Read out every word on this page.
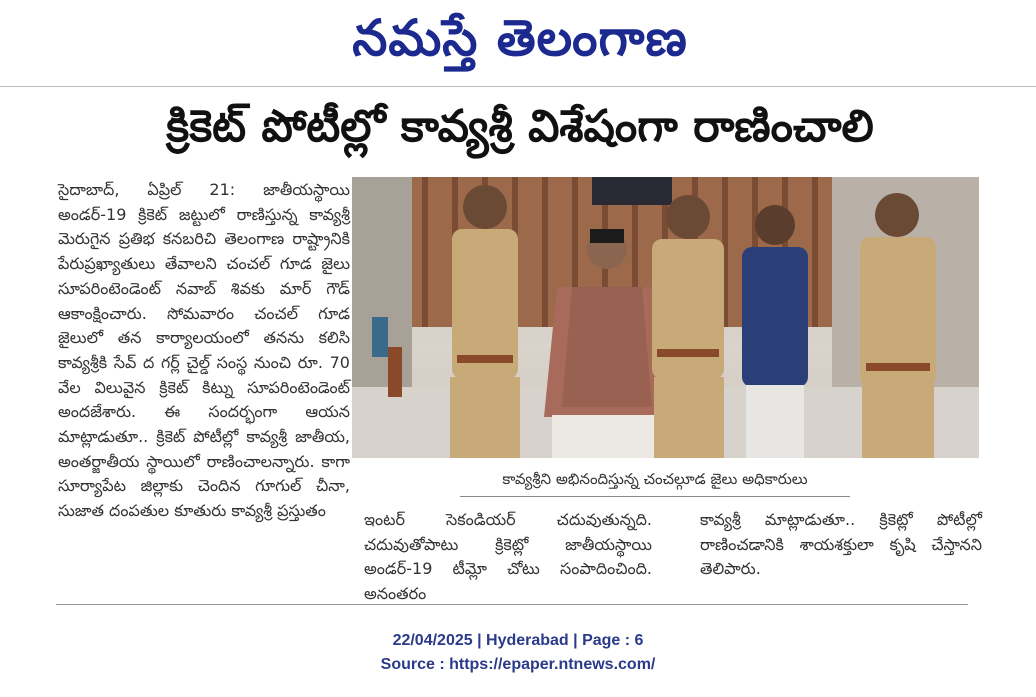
నమస్తే తెలంగాణ
క్రికెట్ పోటీల్లో కావ్యశ్రీ విశేషంగా రాణించాలి

సైదాబాద్, ఏప్రిల్ 21: జాతీయస్థాయి అండర్-19 క్రికెట్ జట్టులో రాణిస్తున్న కావ్యశ్రీ మెరుగైన ప్రతిభ కనబరిచి తెలంగాణ రాష్ట్రానికి పేరుప్రఖ్యాతులు తేవాలని చంచల్ గూడ జైలు సూపరింటెండెంట్ నవాబ్ శివకు మార్ గౌడ్ ఆకాంక్షించారు. సోమవారం చంచల్ గూడ జైలులో తన కార్యాలయంలో తనను కలిసి కావ్యశ్రీకి సేవ్ ద గర్ల్ చైల్డ్ సంస్థ నుంచి రూ. 70 వేల విలువైన క్రికెట్ కిట్ను సూపరింటెండెంట్ అందజేశారు. ఈ సందర్భంగా ఆయన మాట్లాడుతూ.. క్రికెట్ పోటీల్లో కావ్యశ్రీ జాతీయ, అంతర్జాతీయ స్థాయిలో రాణించాలన్నారు. కాగా సూర్యాపేట జిల్లాకు చెందిన గూగుల్ చీనా, సుజాత దంపతుల కూతురు కావ్యశ్రీ ప్రస్తుతం

కావ్యశ్రీని అభినందిస్తున్న చంచల్గూడ జైలు అధికారులు

ఇంటర్ సెకండియర్ చదువుతున్నది. చదువుతోపాటు క్రికెట్లో జాతీయస్థాయి అండర్-19 టీమ్లో చోటు సంపాదించింది. అనంతరం

కావ్యశ్రీ మాట్లాడుతూ.. క్రికెట్లో పోటీల్లో రాణించడానికి శాయశక్తులా కృషి చేస్తానని తెలిపారు.

22/04/2025 | Hyderabad | Page : 6
Source : https://epaper.ntnews.com/
